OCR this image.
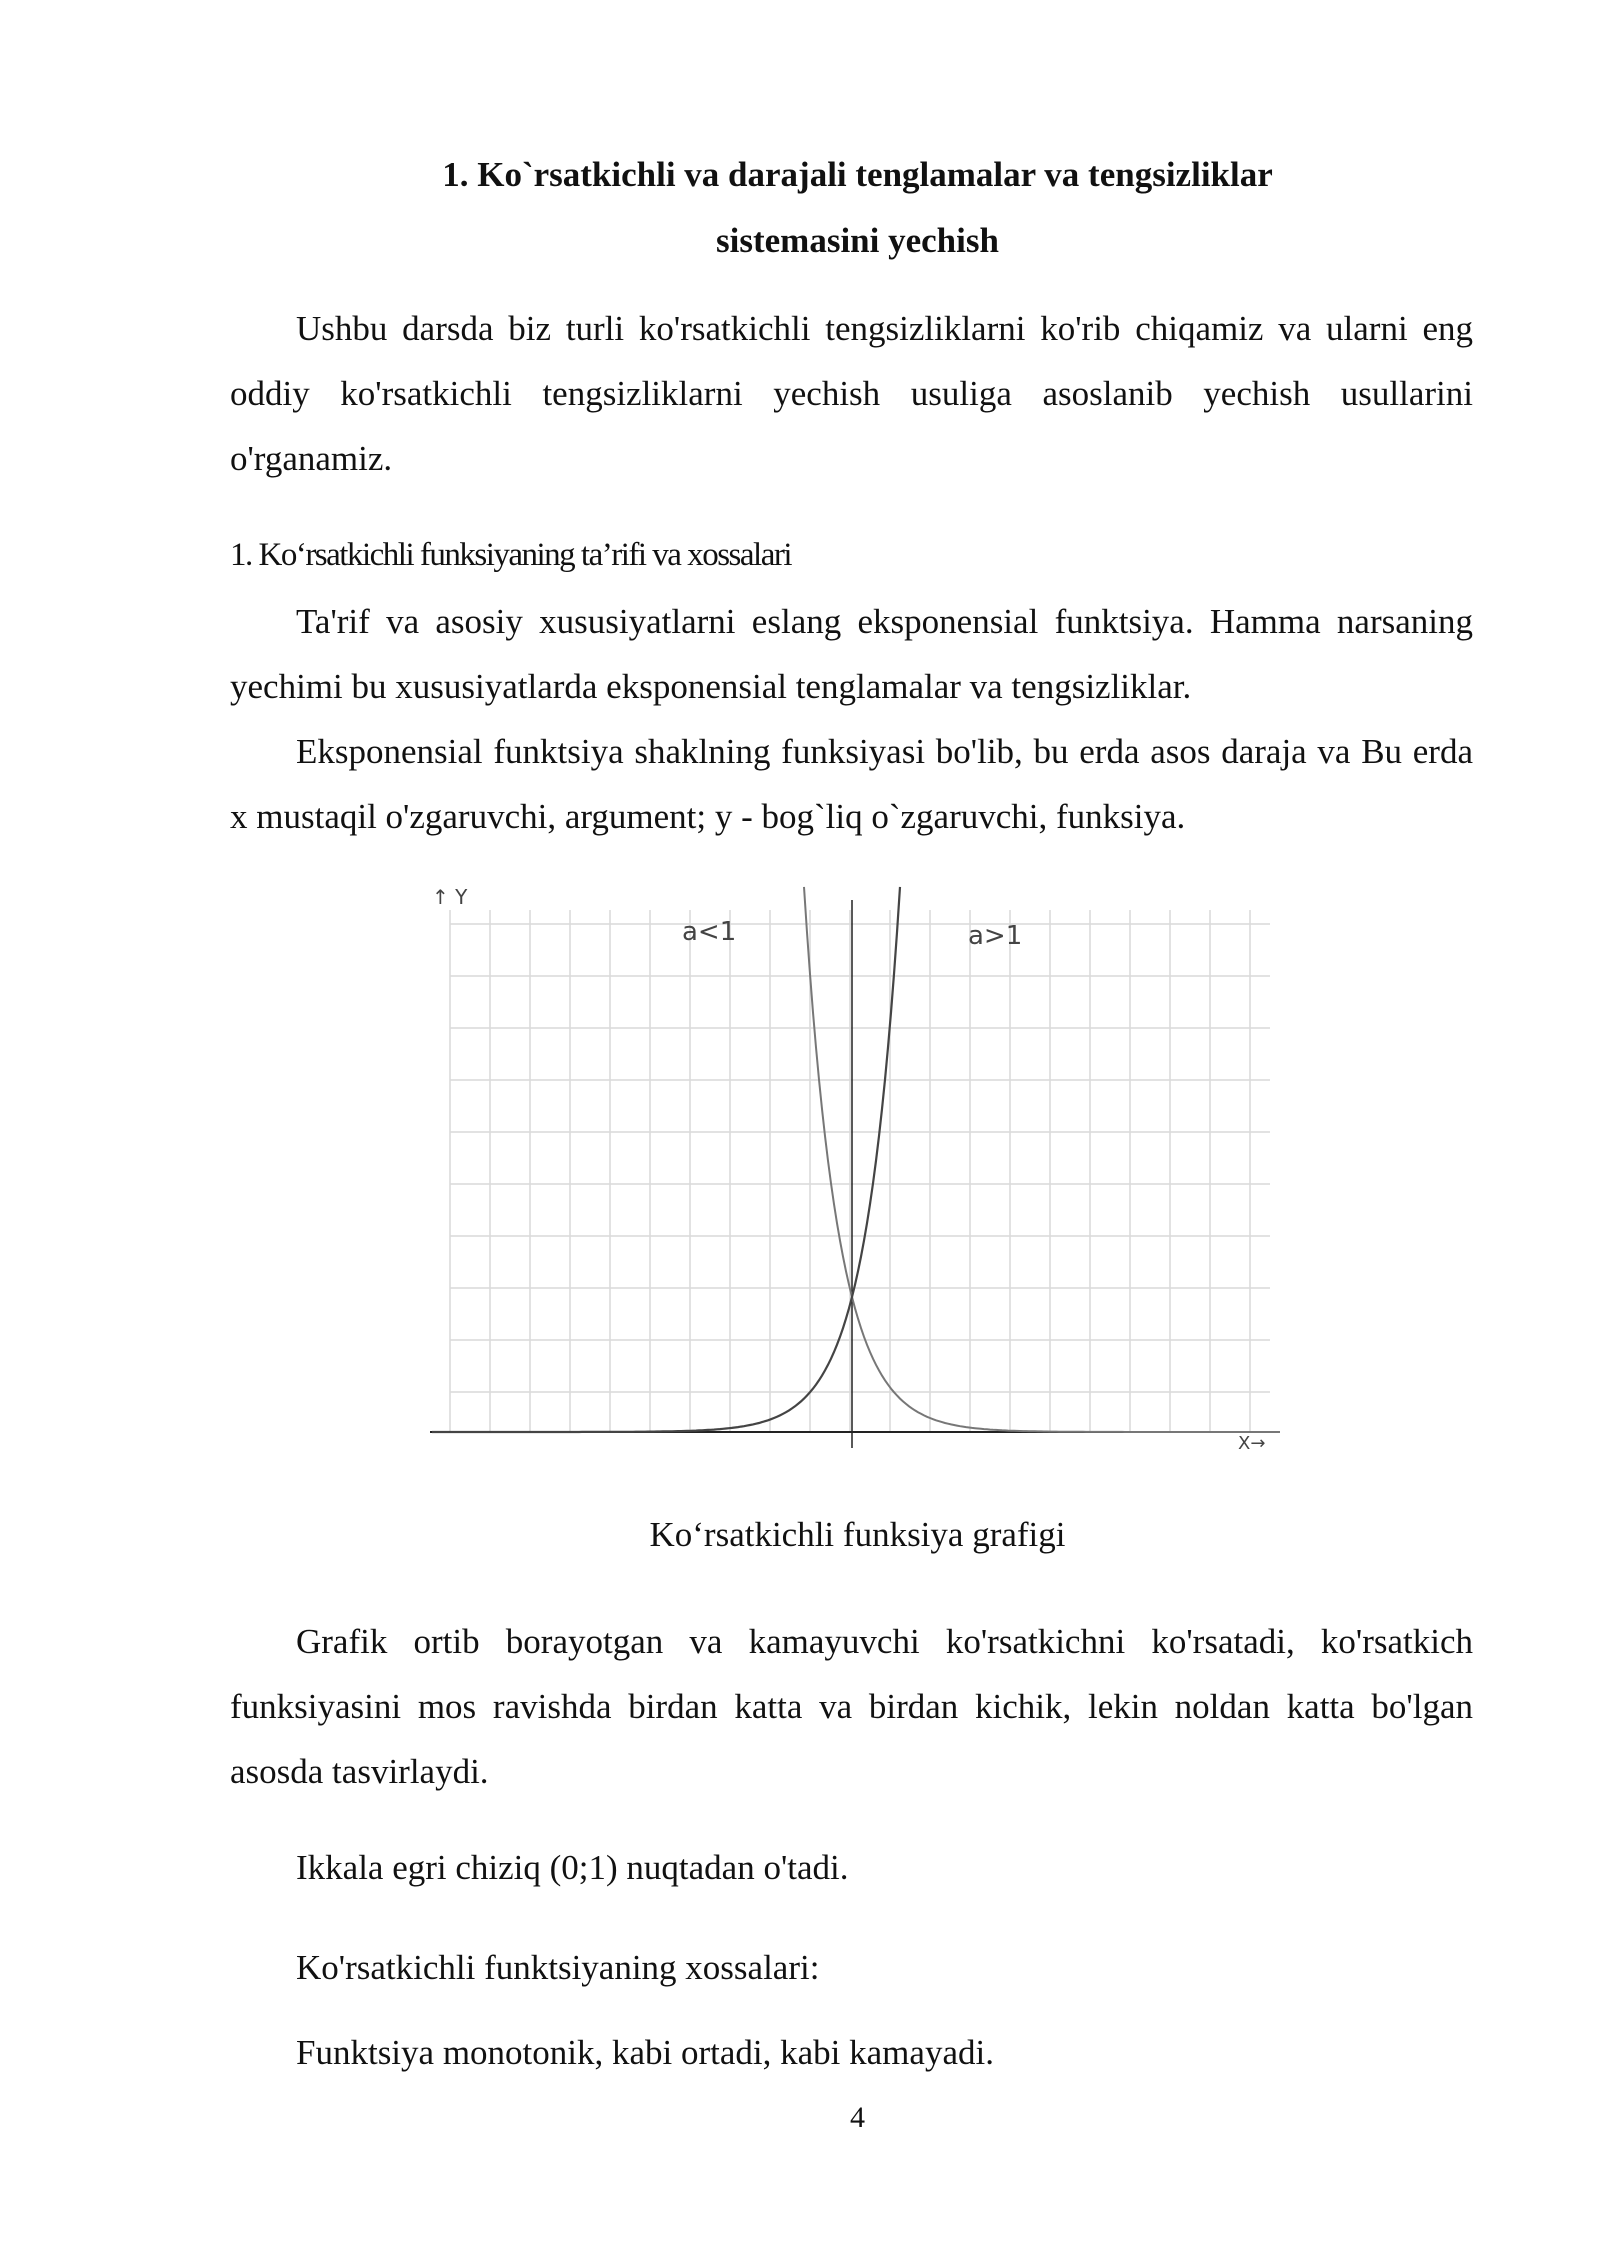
1. Ko`rsatkichli va darajali tenglamalar va tengsizliklar

sistemasini yechish

Ushbu darsda biz turli ko'rsatkichli tengsizliklarni ko'rib chiqamiz va ularni eng oddiy ko'rsatkichli tengsizliklarni yechish usuliga asoslanib yechish usullarini o'rganamiz.

1. Ko‘rsatkichli funksiyaning ta’rifi va xossalari

Ta'rif va asosiy xususiyatlarni eslang eksponensial funktsiya. Hamma narsaning yechimi bu xususiyatlarda eksponensial tenglamalar va tengsizliklar.

Eksponensial funktsiya shaklning funksiyasi bo'lib, bu erda asos daraja va Bu erda x mustaqil o'zgaruvchi, argument; y - bog`liq o`zgaruvchi, funksiya.

↑ Y
X→
a<1	a>1

Ko‘rsatkichli funksiya grafigi

Grafik ortib borayotgan va kamayuvchi ko'rsatkichni ko'rsatadi, ko'rsatkich funksiyasini mos ravishda birdan katta va birdan kichik, lekin noldan katta bo'lgan asosda tasvirlaydi.

Ikkala egri chiziq (0;1) nuqtadan o'tadi.

Ko'rsatkichli funktsiyaning xossalari:

Funktsiya monotonik, kabi ortadi, kabi kamayadi.

4
